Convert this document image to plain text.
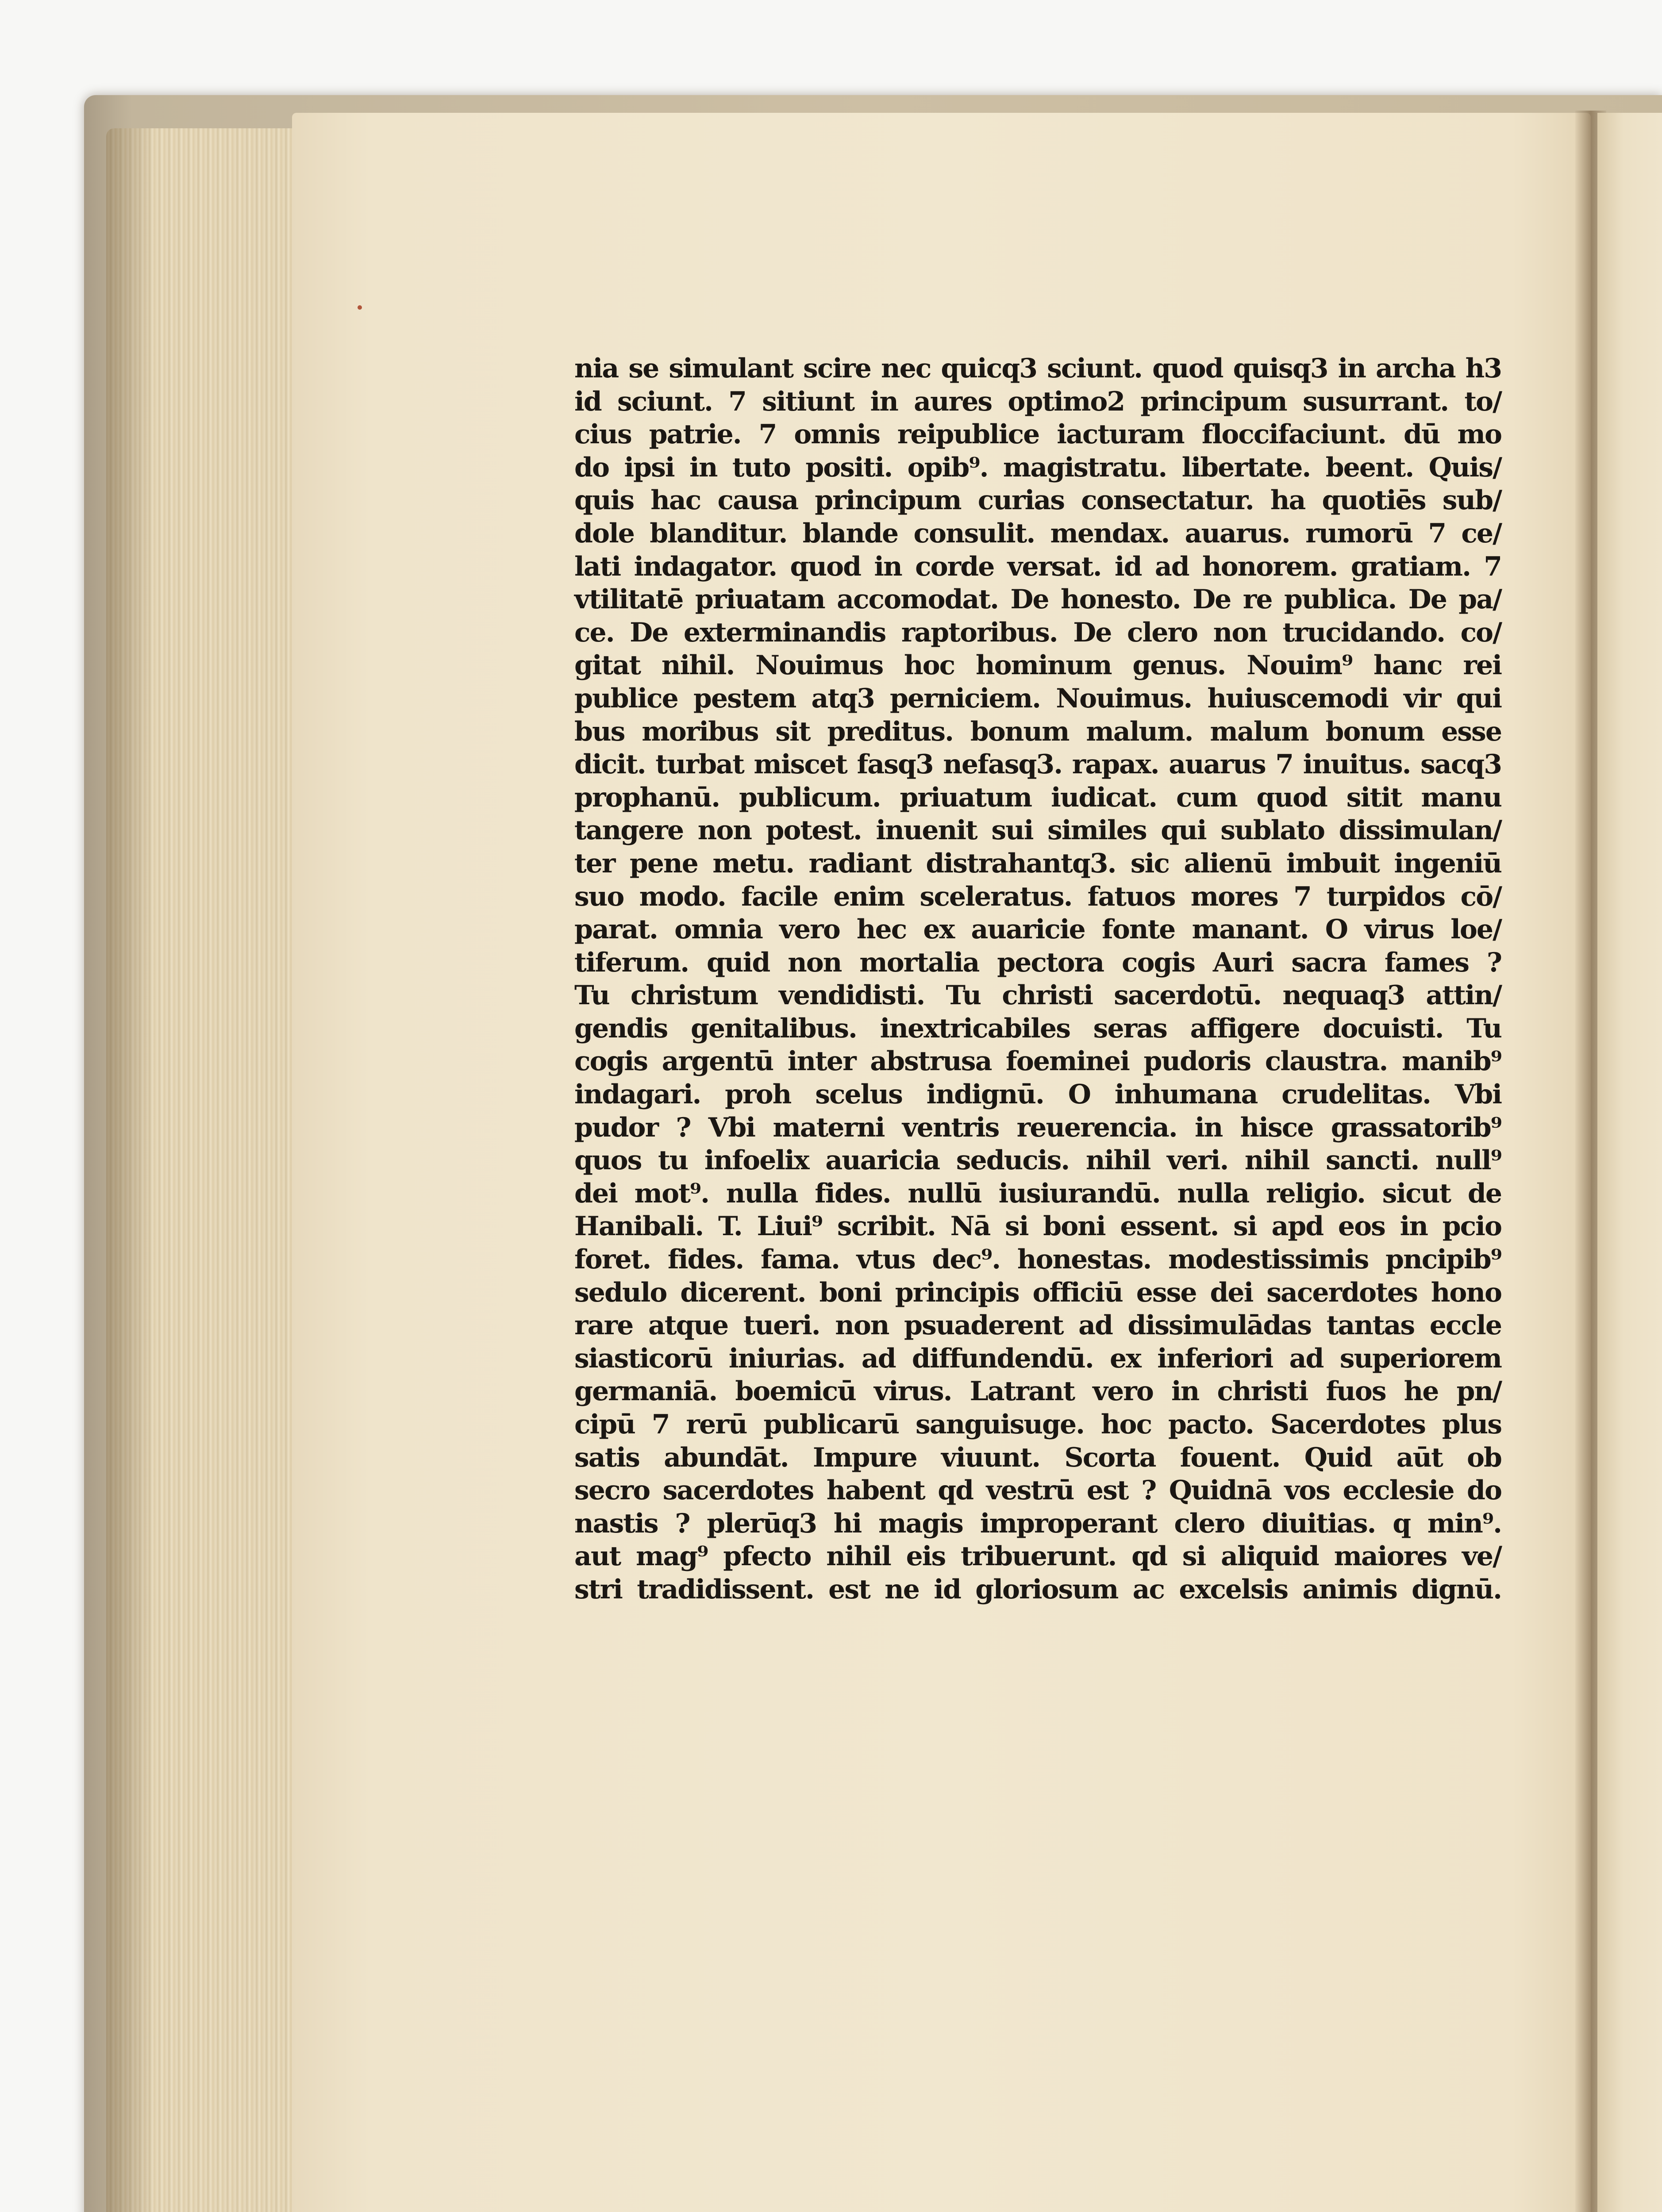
nia se simulant scire nec quicq3 sciunt. quod quisq3 in archa h3
id sciunt. 7 sitiunt in aures optimo2 principum susurrant. to/
cius patrie. 7 omnis reipublice iacturam floccifaciunt. dū mo
do ipsi in tuto positi. opib⁹. magistratu. libertate. beent. Quis/
quis hac causa principum curias consectatur. ha quotiēs sub/
dole blanditur. blande consulit. mendax. auarus. rumorū 7 ce/
lati indagator. quod in corde versat. id ad honorem. gratiam. 7
vtilitatē priuatam accomodat. De honesto. De re publica. De pa/
ce. De exterminandis raptoribus. De clero non trucidando. co/
gitat nihil. Nouimus hoc hominum genus. Nouim⁹ hanc rei
publice pestem atq3 perniciem. Nouimus. huiuscemodi vir qui
bus moribus sit preditus. bonum malum. malum bonum esse
dicit. turbat miscet fasq3 nefasq3. rapax. auarus 7 inuitus. sacq3
prophanū. publicum. priuatum iudicat. cum quod sitit manu
tangere non potest. inuenit sui similes qui sublato dissimulan/
ter pene metu. radiant distrahantq3. sic alienū imbuit ingeniū
suo modo. facile enim sceleratus. fatuos mores 7 turpidos cō/
parat. omnia vero hec ex auaricie fonte manant. O virus loe/
tiferum. quid non mortalia pectora cogis Auri sacra fames ?
Tu christum vendidisti. Tu christi sacerdotū. nequaq3 attin/
gendis genitalibus. inextricabiles seras affigere docuisti. Tu
cogis argentū inter abstrusa foeminei pudoris claustra. manib⁹
indagari. proh scelus indignū. O inhumana crudelitas. Vbi
pudor ? Vbi materni ventris reuerencia. in hisce grassatorib⁹
quos tu infoelix auaricia seducis. nihil veri. nihil sancti. null⁹
dei mot⁹. nulla fides. nullū iusiurandū. nulla religio. sicut de
Hanibali. T. Liui⁹ scribit. Nā si boni essent. si apd eos in pcio
foret. fides. fama. vtus dec⁹. honestas. modestissimis pncipib⁹
sedulo dicerent. boni principis officiū esse dei sacerdotes hono
rare atque tueri. non psuaderent ad dissimulādas tantas eccle
siasticorū iniurias. ad diffundendū. ex inferiori ad superiorem
germaniā. boemicū virus. Latrant vero in christi fuos he pn/
cipū 7 rerū publicarū sanguisuge. hoc pacto. Sacerdotes plus
satis abundāt. Impure viuunt. Scorta fouent. Quid aūt ob
secro sacerdotes habent qd vestrū est ? Quidnā vos ecclesie do
nastis ? plerūq3 hi magis improperant clero diuitias. q min⁹.
aut mag⁹ pfecto nihil eis tribuerunt. qd si aliquid maiores ve/
stri tradidissent. est ne id gloriosum ac excelsis animis dignū.
